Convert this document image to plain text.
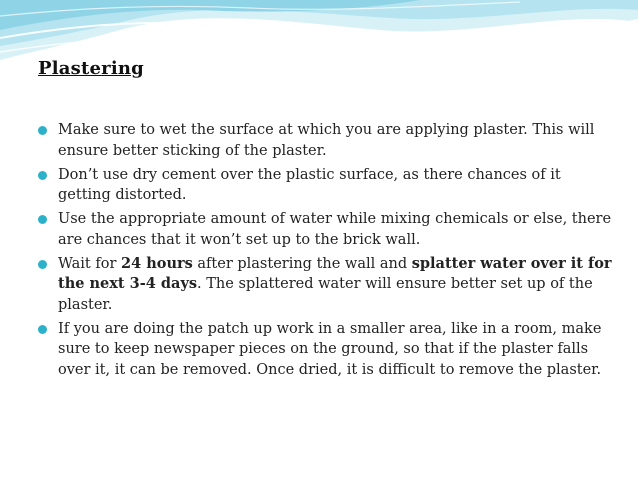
Plastering
Make sure to wet the surface at which you are applying plaster. This will ensure better sticking of the plaster.
Don’t use dry cement over the plastic surface, as there chances of it getting distorted.
Use the appropriate amount of water while mixing chemicals or else, there are chances that it won’t set up to the brick wall.
Wait for 24 hours after plastering the wall and splatter water over it for the next 3-4 days. The splattered water will ensure better set up of the plaster.
If you are doing the patch up work in a smaller area, like in a room, make sure to keep newspaper pieces on the ground, so that if the plaster falls over it, it can be removed. Once dried, it is difficult to remove the plaster.
